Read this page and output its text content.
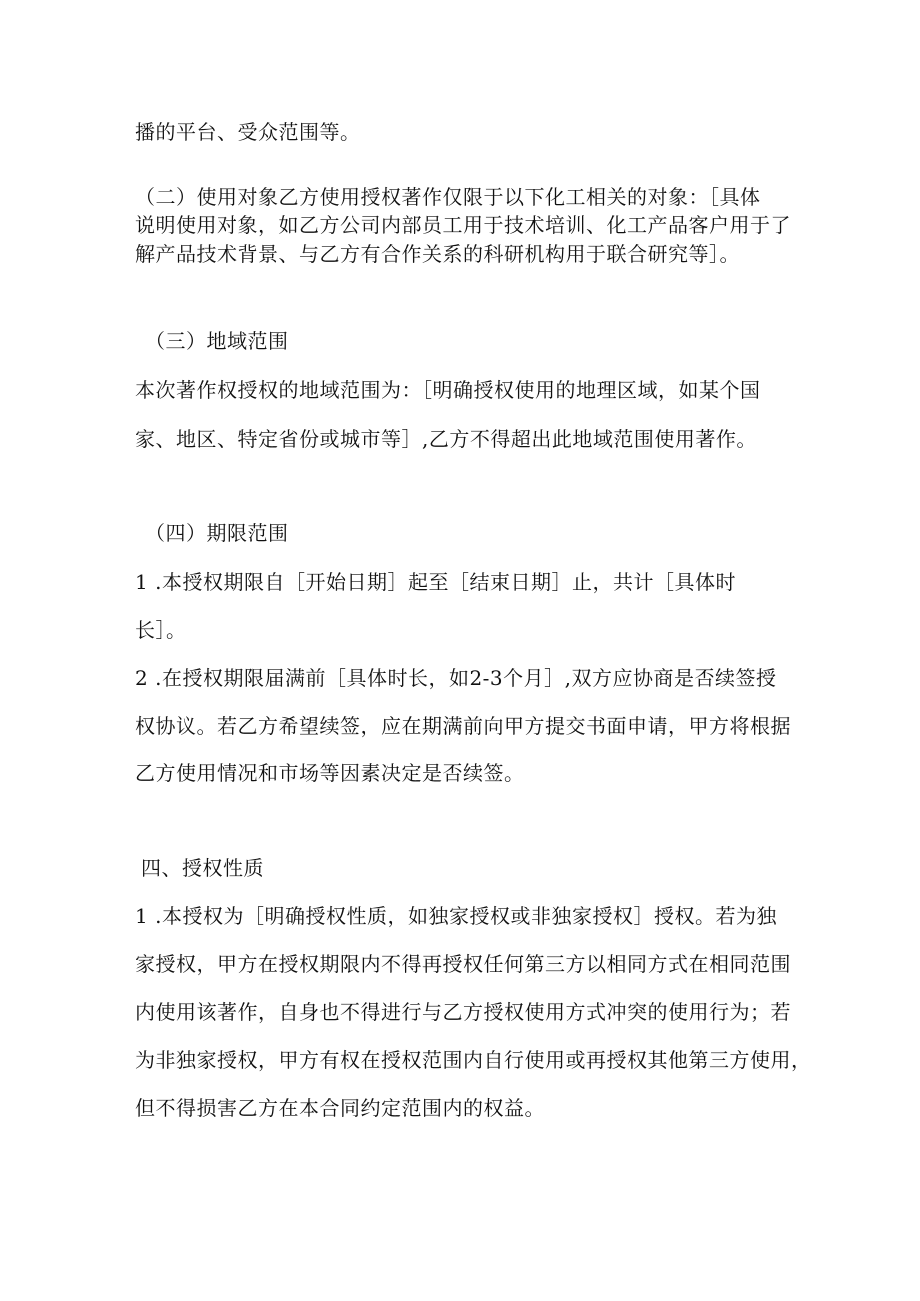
播的平台、受众范围等。
（二）使用对象乙方使用授权著作仅限于以下化工相关的对象：［具体
说明使用对象，如乙方公司内部员工用于技术培训、化工产品客户用于了
解产品技术背景、与乙方有合作关系的科研机构用于联合研究等］。
（三）地域范围
本次著作权授权的地域范围为：［明确授权使用的地理区域，如某个国
家、地区、特定省份或城市等］,乙方不得超出此地域范围使用著作。
（四）期限范围
1 .本授权期限自［开始日期］起至［结束日期］止，共计［具体时
长］。
2 .在授权期限届满前［具体时长，如2-3个月］,双方应协商是否续签授
权协议。若乙方希望续签，应在期满前向甲方提交书面申请，甲方将根据
乙方使用情况和市场等因素决定是否续签。
四、授权性质
1 .本授权为［明确授权性质，如独家授权或非独家授权］授权。若为独
家授权，甲方在授权期限内不得再授权任何第三方以相同方式在相同范围
内使用该著作，自身也不得进行与乙方授权使用方式冲突的使用行为；若
为非独家授权，甲方有权在授权范围内自行使用或再授权其他第三方使用，
但不得损害乙方在本合同约定范围内的权益。
